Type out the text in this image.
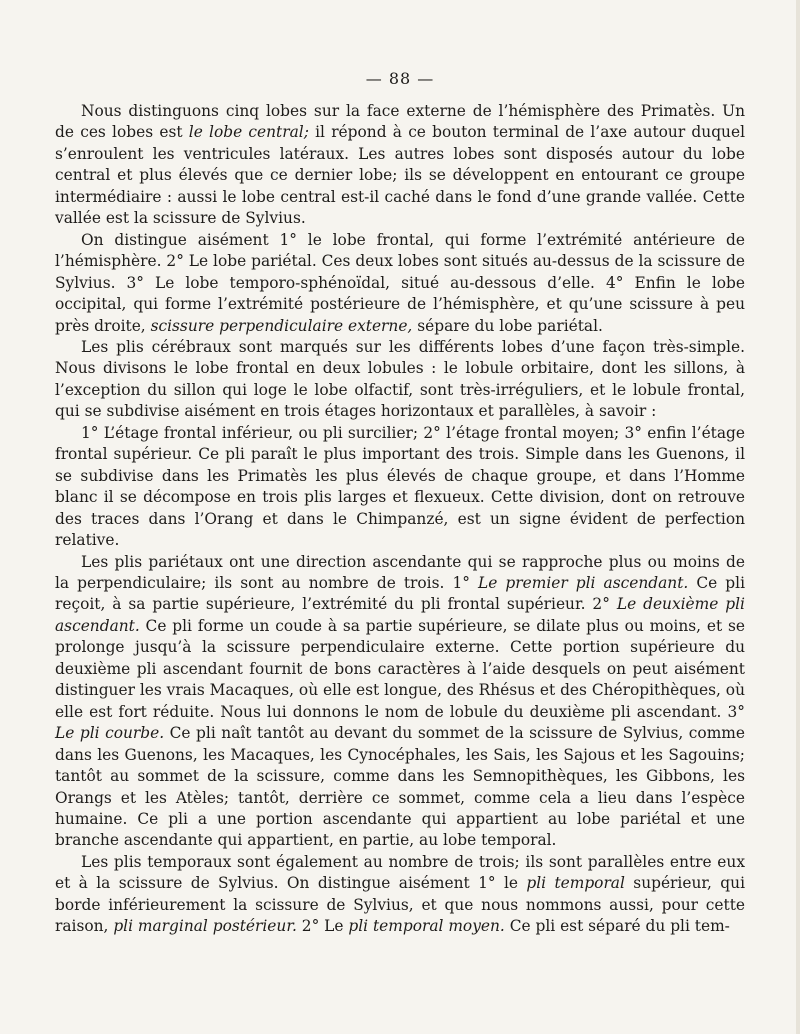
— 88 —

Nous distinguons cinq lobes sur la face externe de l’hémisphère des Primatès. Un de ces lobes est le lobe central; il répond à ce bouton terminal de l’axe autour duquel s’enroulent les ventricules latéraux. Les autres lobes sont disposés autour du lobe central et plus élevés que ce dernier lobe; ils se développent en entourant ce groupe intermédiaire : aussi le lobe central est-il caché dans le fond d’une grande vallée. Cette vallée est la scissure de Sylvius.

On distingue aisément 1° le lobe frontal, qui forme l’extrémité antérieure de l’hémisphère. 2° Le lobe pariétal. Ces deux lobes sont situés au-dessus de la scissure de Sylvius. 3° Le lobe temporo-sphénoïdal, situé au-dessous d’elle. 4° Enfin le lobe occipital, qui forme l’extrémité postérieure de l’hémisphère, et qu’une scissure à peu près droite, scissure perpendiculaire externe, sépare du lobe pariétal.

Les plis cérébraux sont marqués sur les différents lobes d’une façon très-simple. Nous divisons le lobe frontal en deux lobules : le lobule orbitaire, dont les sillons, à l’exception du sillon qui loge le lobe olfactif, sont très-irréguliers, et le lobule frontal, qui se subdivise aisément en trois étages horizontaux et parallèles, à savoir :

1° L’étage frontal inférieur, ou pli surcilier; 2° l’étage frontal moyen; 3° enfin l’étage frontal supérieur. Ce pli paraît le plus important des trois. Simple dans les Guenons, il se subdivise dans les Primatès les plus élevés de chaque groupe, et dans l’Homme blanc il se décompose en trois plis larges et flexueux. Cette division, dont on retrouve des traces dans l’Orang et dans le Chimpanzé, est un signe évident de perfection relative.

Les plis pariétaux ont une direction ascendante qui se rapproche plus ou moins de la perpendiculaire; ils sont au nombre de trois. 1° Le premier pli ascendant. Ce pli reçoit, à sa partie supérieure, l’extrémité du pli frontal supérieur. 2° Le deuxième pli ascendant. Ce pli forme un coude à sa partie supérieure, se dilate plus ou moins, et se prolonge jusqu’à la scissure perpendiculaire externe. Cette portion supérieure du deuxième pli ascendant fournit de bons caractères à l’aide desquels on peut aisément distinguer les vrais Macaques, où elle est longue, des Rhésus et des Chéropithèques, où elle est fort réduite. Nous lui donnons le nom de lobule du deuxième pli ascendant. 3° Le pli courbe. Ce pli naît tantôt au devant du sommet de la scissure de Sylvius, comme dans les Guenons, les Macaques, les Cynocéphales, les Sais, les Sajous et les Sagouins; tantôt au sommet de la scissure, comme dans les Semnopithèques, les Gibbons, les Orangs et les Atèles; tantôt, derrière ce sommet, comme cela a lieu dans l’espèce humaine. Ce pli a une portion ascendante qui appartient au lobe pariétal et une branche ascendante qui appartient, en partie, au lobe temporal.

Les plis temporaux sont également au nombre de trois; ils sont parallèles entre eux et à la scissure de Sylvius. On distingue aisément 1° le pli temporal supérieur, qui borde inférieurement la scissure de Sylvius, et que nous nommons aussi, pour cette raison, pli marginal postérieur. 2° Le pli temporal moyen. Ce pli est séparé du pli tem-
